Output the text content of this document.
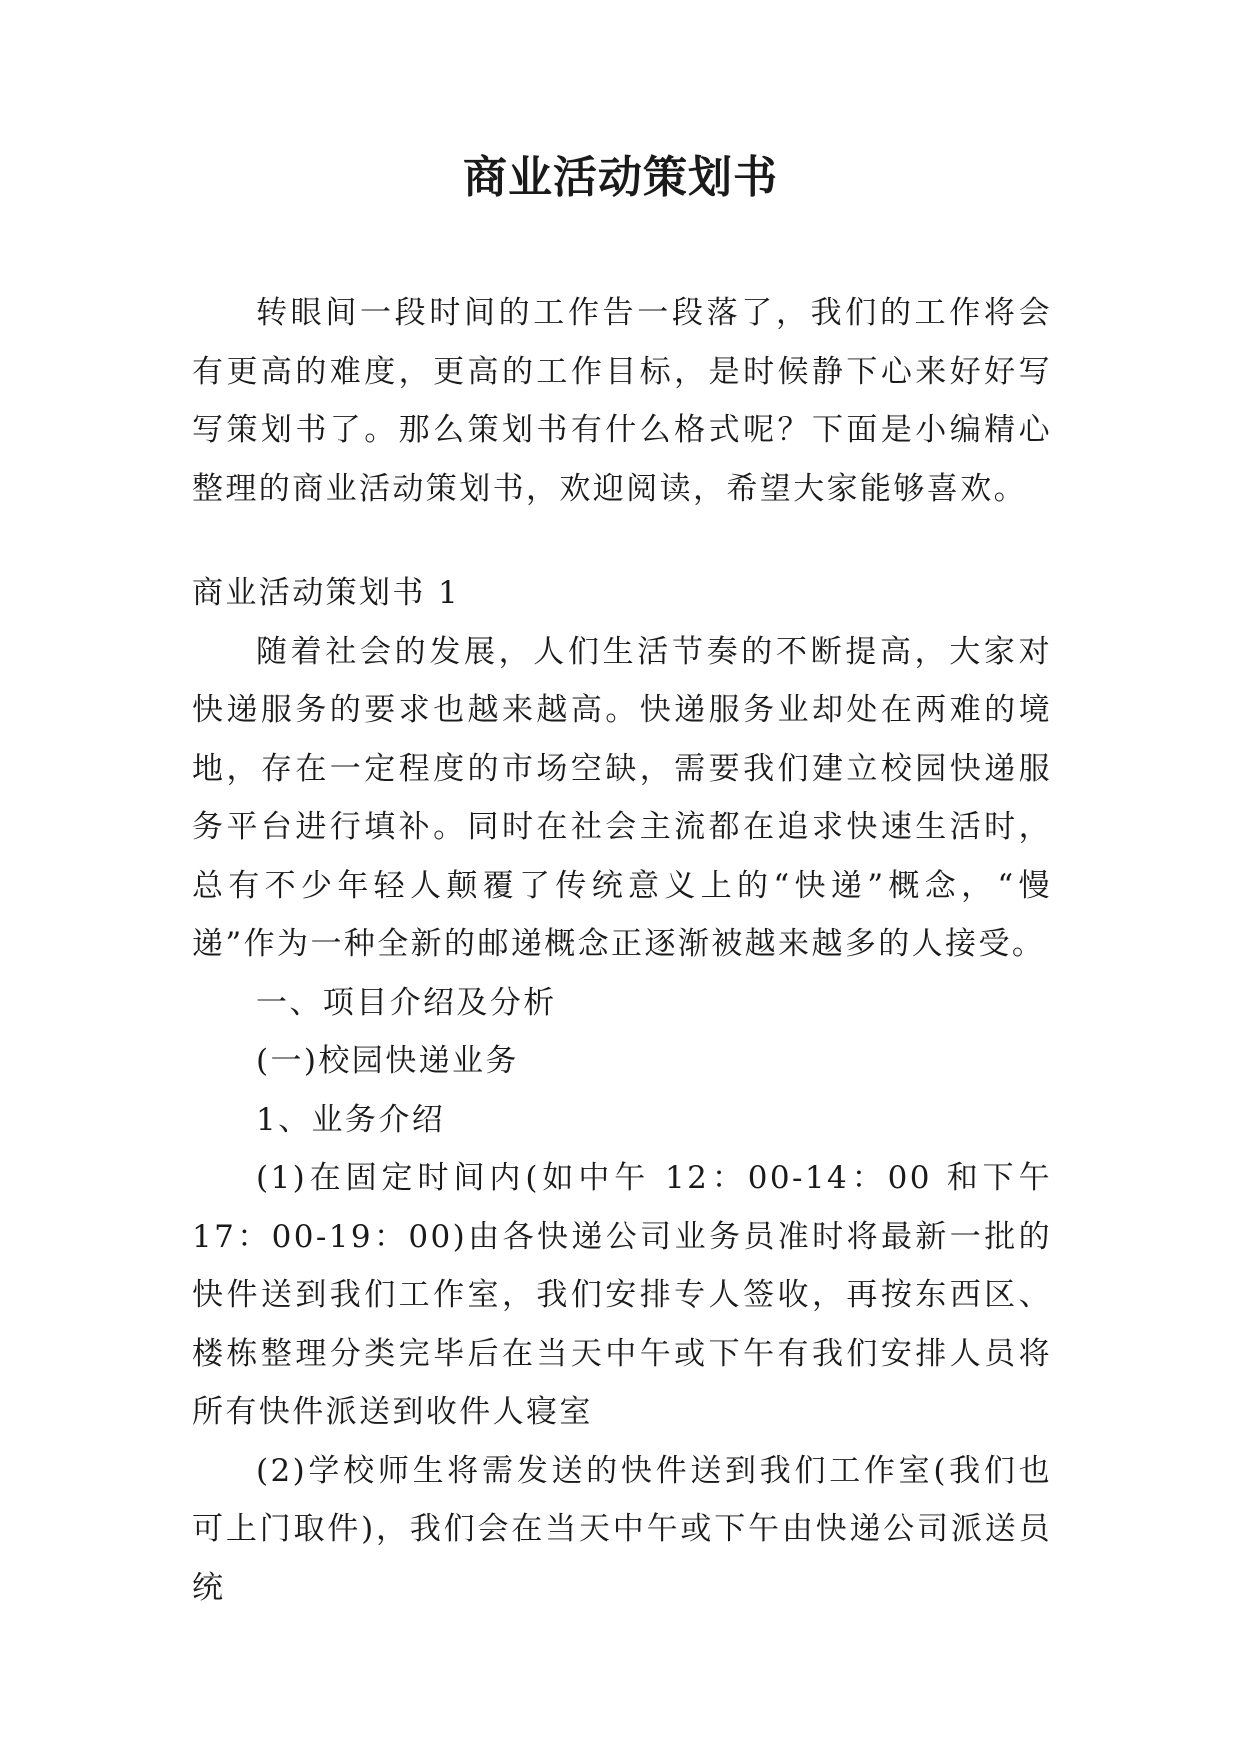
商业活动策划书

转眼间一段时间的工作告一段落了，我们的工作将会有更高的难度，更高的工作目标，是时候静下心来好好写写策划书了。那么策划书有什么格式呢？下面是小编精心整理的商业活动策划书，欢迎阅读，希望大家能够喜欢。

商业活动策划书 1

随着社会的发展，人们生活节奏的不断提高，大家对快递服务的要求也越来越高。快递服务业却处在两难的境地，存在一定程度的市场空缺，需要我们建立校园快递服务平台进行填补。同时在社会主流都在追求快速生活时，总有不少年轻人颠覆了传统意义上的“快递”概念，“慢递”作为一种全新的邮递概念正逐渐被越来越多的人接受。

一、项目介绍及分析

(一)校园快递业务

1、业务介绍

(1)在固定时间内(如中午 12：00-14：00 和下午 17：00-19：00)由各快递公司业务员准时将最新一批的快件送到我们工作室，我们安排专人签收，再按东西区、楼栋整理分类完毕后在当天中午或下午有我们安排人员将所有快件派送到收件人寝室

(2)学校师生将需发送的快件送到我们工作室(我们也可上门取件)，我们会在当天中午或下午由快递公司派送员统
